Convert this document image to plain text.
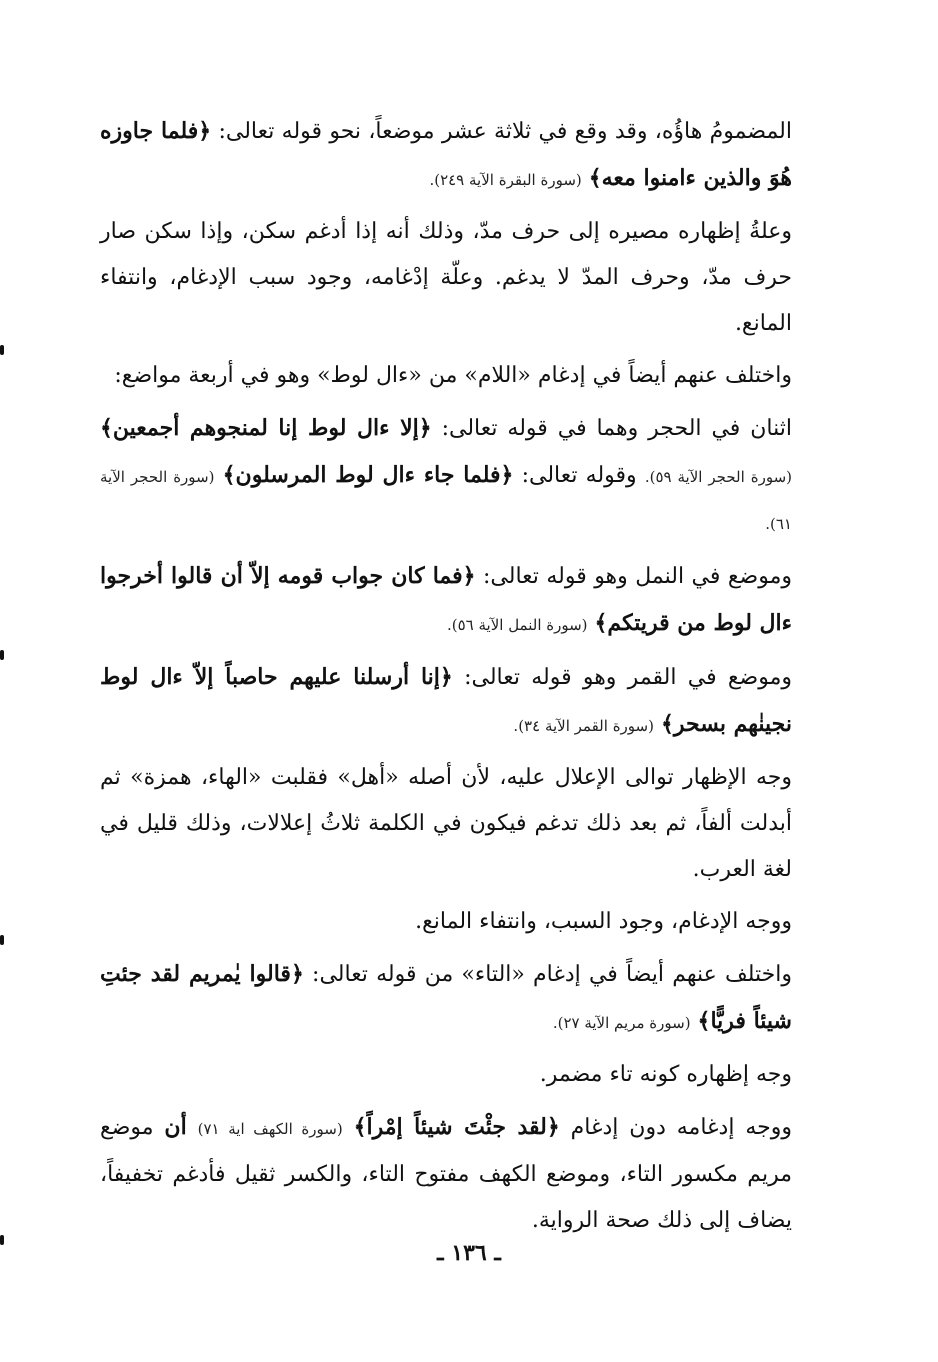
المضمومُ هاؤُه، وقد وقع في ثلاثة عشر موضعاً، نحو قوله تعالى: ﴿فلما جاوزه هُوَ والذين ءامنوا معه﴾ (سورة البقرة الآية ٢٤٩).

وعلةُ إظهاره مصيره إلى حرف مدّ، وذلك أنه إذا أدغم سكن، وإذا سكن صار حرف مدّ، وحرف المدّ لا يدغم. وعلّة إدْغامه، وجود سبب الإدغام، وانتفاء المانع.

واختلف عنهم أيضاً في إدغام «اللام» من «ءال لوط» وهو في أربعة مواضع:

اثنان في الحجر وهما في قوله تعالى: ﴿إلا ءال لوط إنا لمنجوهم أجمعين﴾ (سورة الحجر الآية ٥٩). وقوله تعالى: ﴿فلما جاء ءال لوط المرسلون﴾ (سورة الحجر الآية ٦١).

وموضع في النمل وهو قوله تعالى: ﴿فما كان جواب قومه إلاّ أن قالوا أخرجوا ءال لوط من قريتكم﴾ (سورة النمل الآية ٥٦).

وموضع في القمر وهو قوله تعالى: ﴿إنا أرسلنا عليهم حاصباً إلاّ ءال لوط نجينٰهم بسحر﴾ (سورة القمر الآية ٣٤).

وجه الإظهار توالى الإعلال عليه، لأن أصله «أهل» فقلبت «الهاء، همزة» ثم أبدلت ألفاً، ثم بعد ذلك تدغم فيكون في الكلمة ثلاثُ إعلالات، وذلك قليل في لغة العرب.

ووجه الإدغام، وجود السبب، وانتفاء المانع.

واختلف عنهم أيضاً في إدغام «التاء» من قوله تعالى: ﴿قالوا يٰمريم لقد جئتِ شيئاً فريًّا﴾ (سورة مريم الآية ٢٧).

وجه إظهاره كونه تاء مضمر.

ووجه إدغامه دون إدغام ﴿لقد جئْتَ شيئاً إمْراً﴾ (سورة الكهف اية ٧١) أن موضع مريم مكسور التاء، وموضع الكهف مفتوح التاء، والكسر ثقيل فأدغم تخفيفاً، يضاف إلى ذلك صحة الرواية.

ـ ١٣٦ ـ
